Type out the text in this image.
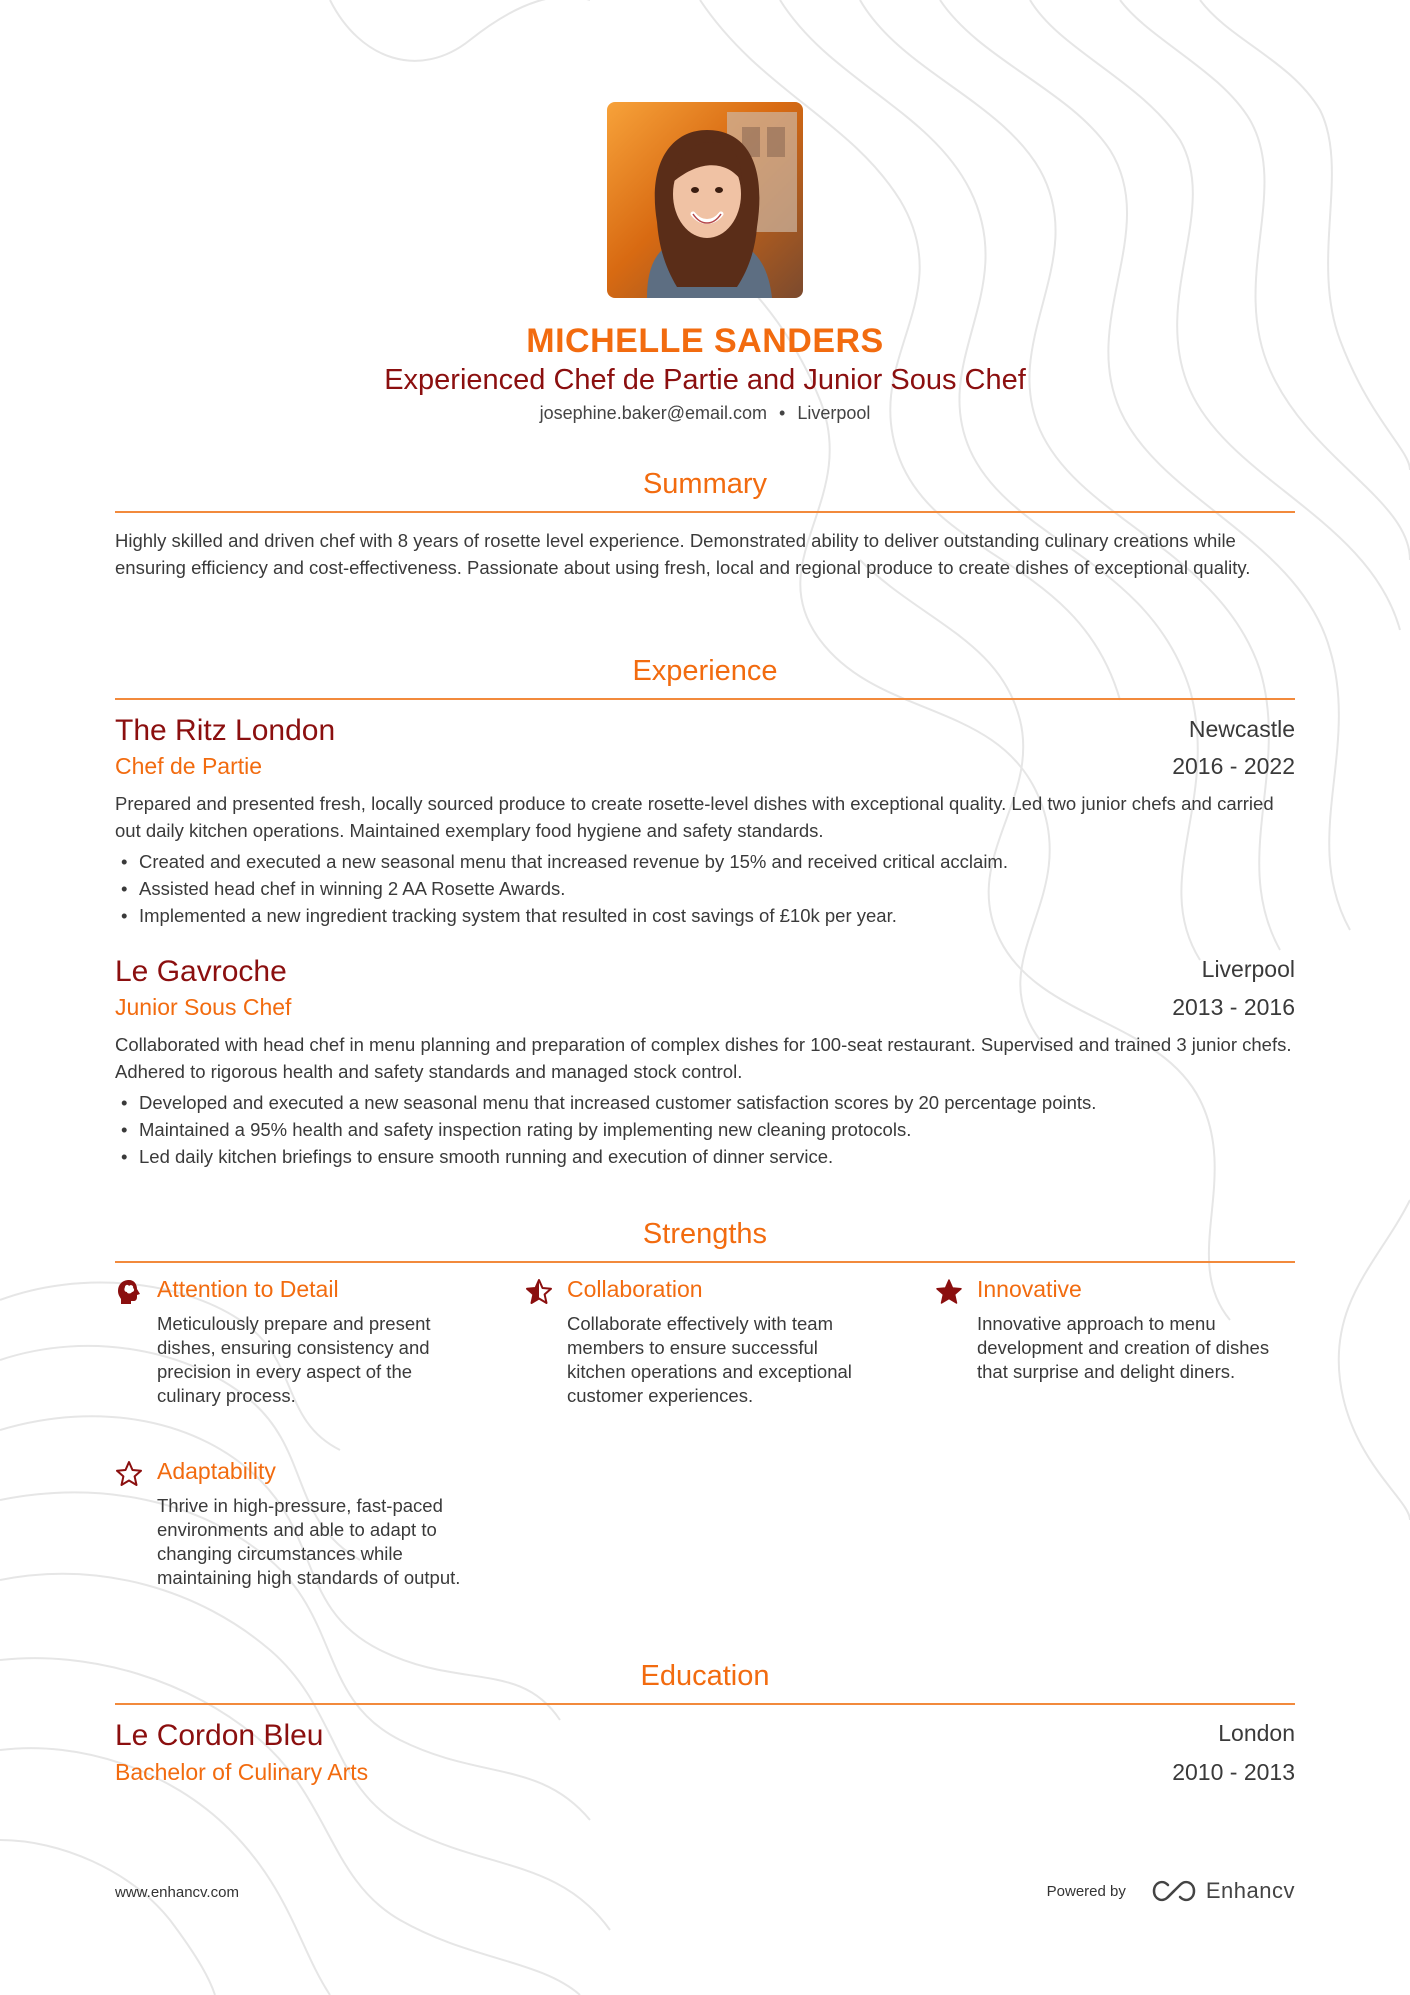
MICHELLE SANDERS
Experienced Chef de Partie and Junior Sous Chef
josephine.baker@email.com • Liverpool
Summary
Highly skilled and driven chef with 8 years of rosette level experience. Demonstrated ability to deliver outstanding culinary creations while ensuring efficiency and cost-effectiveness. Passionate about using fresh, local and regional produce to create dishes of exceptional quality.
Experience
The Ritz London	Newcastle
Chef de Partie	2016 - 2022
Prepared and presented fresh, locally sourced produce to create rosette-level dishes with exceptional quality. Led two junior chefs and carried out daily kitchen operations. Maintained exemplary food hygiene and safety standards.
• Created and executed a new seasonal menu that increased revenue by 15% and received critical acclaim.
• Assisted head chef in winning 2 AA Rosette Awards.
• Implemented a new ingredient tracking system that resulted in cost savings of £10k per year.
Le Gavroche	Liverpool
Junior Sous Chef	2013 - 2016
Collaborated with head chef in menu planning and preparation of complex dishes for 100-seat restaurant. Supervised and trained 3 junior chefs. Adhered to rigorous health and safety standards and managed stock control.
• Developed and executed a new seasonal menu that increased customer satisfaction scores by 20 percentage points.
• Maintained a 95% health and safety inspection rating by implementing new cleaning protocols.
• Led daily kitchen briefings to ensure smooth running and execution of dinner service.
Strengths
Attention to Detail
Meticulously prepare and present dishes, ensuring consistency and precision in every aspect of the culinary process.
Collaboration
Collaborate effectively with team members to ensure successful kitchen operations and exceptional customer experiences.
Innovative
Innovative approach to menu development and creation of dishes that surprise and delight diners.
Adaptability
Thrive in high-pressure, fast-paced environments and able to adapt to changing circumstances while maintaining high standards of output.
Education
Le Cordon Bleu	London
Bachelor of Culinary Arts	2010 - 2013
www.enhancv.com	Powered by	Enhancv
